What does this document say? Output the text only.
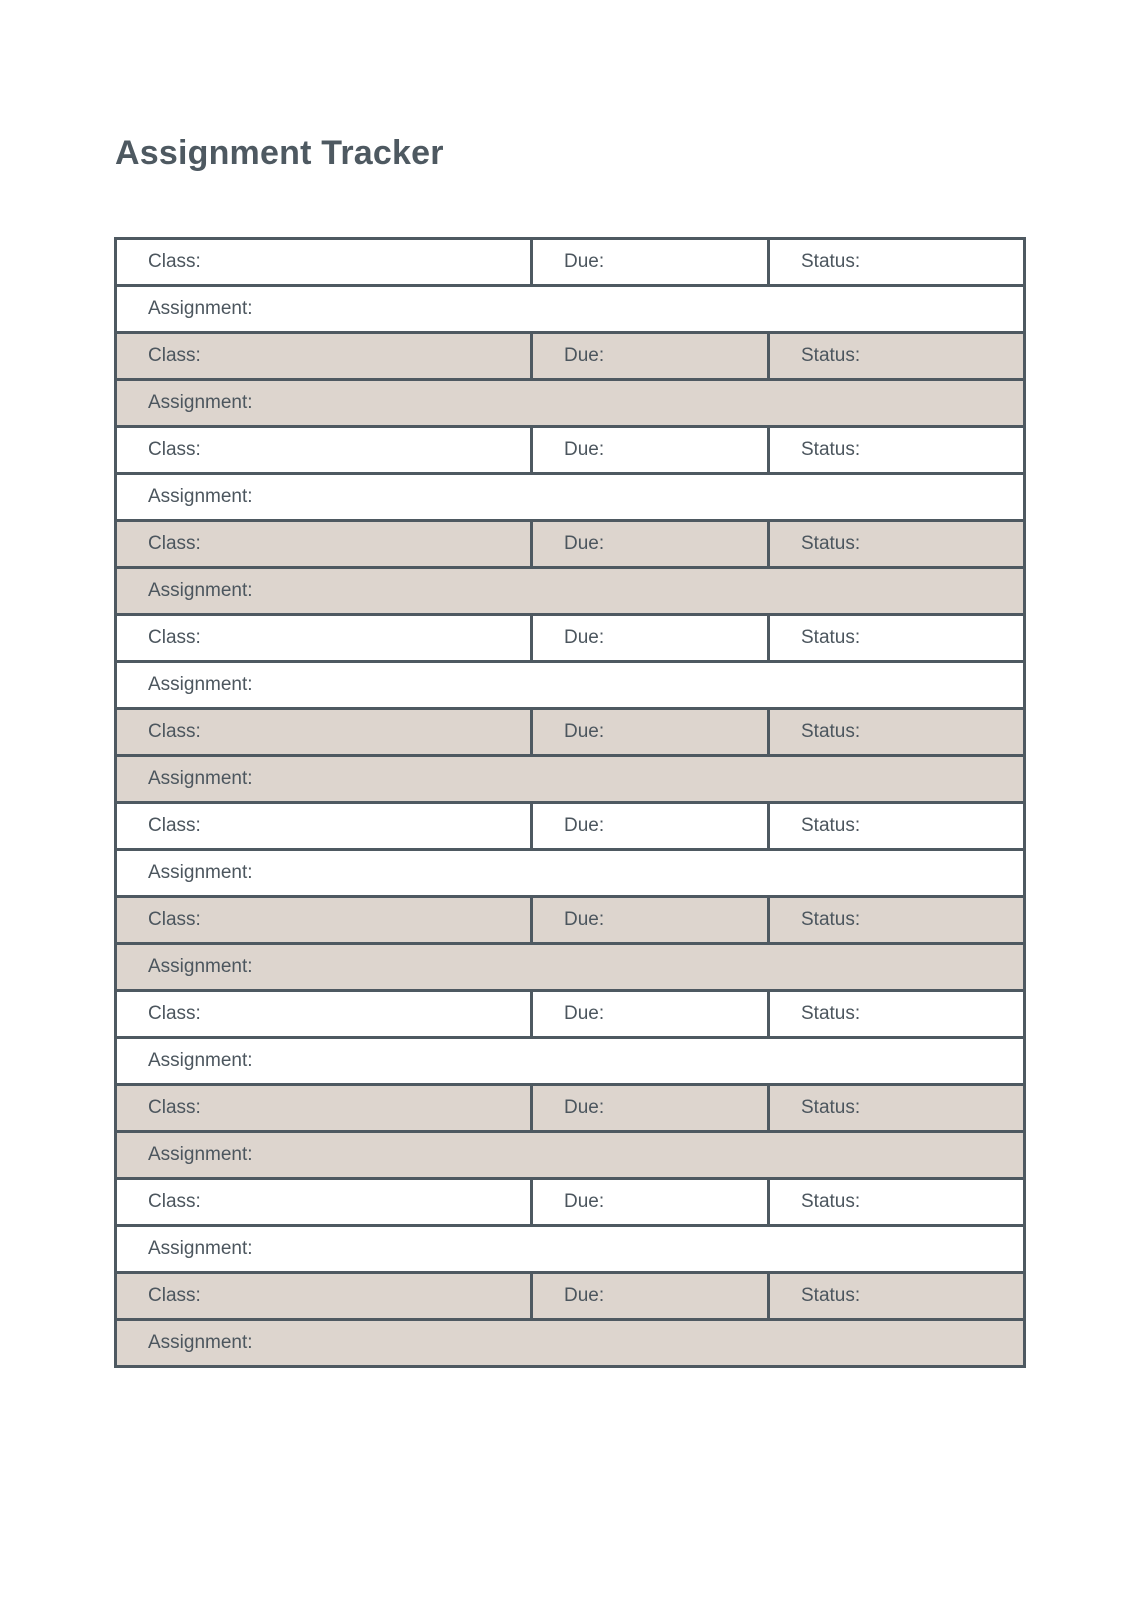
Assignment Tracker
Class:	Due:	Status:
Assignment:
Class:	Due:	Status:
Assignment:
Class:	Due:	Status:
Assignment:
Class:	Due:	Status:
Assignment:
Class:	Due:	Status:
Assignment:
Class:	Due:	Status:
Assignment:
Class:	Due:	Status:
Assignment:
Class:	Due:	Status:
Assignment:
Class:	Due:	Status:
Assignment:
Class:	Due:	Status:
Assignment:
Class:	Due:	Status:
Assignment:
Class:	Due:	Status:
Assignment:
